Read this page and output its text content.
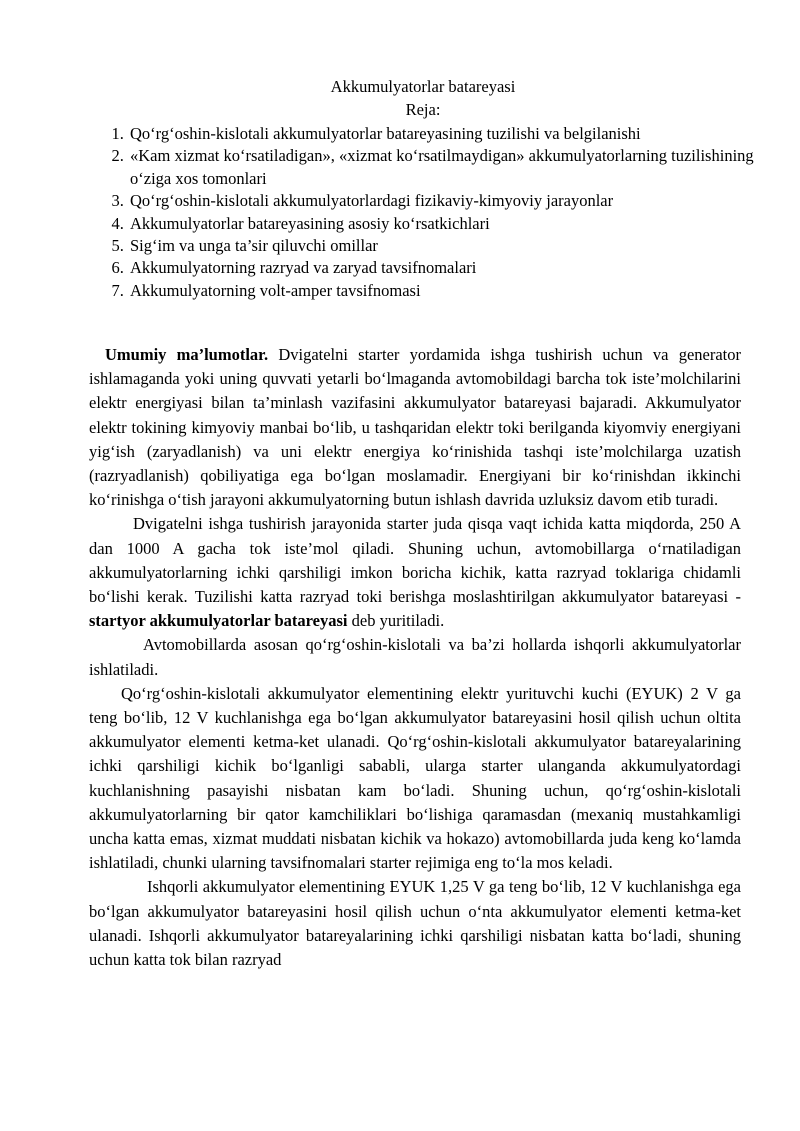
Akkumulyatorlar batareyasi

Reja:

1. Qo‘rg‘oshin-kislotali akkumulyatorlar batareyasining tuzilishi va belgilanishi
2. «Kam xizmat ko‘rsatiladigan», «xizmat ko‘rsatilmaydigan» akkumulyatorlarning tuzilishining o‘ziga xos tomonlari
3. Qo‘rg‘oshin-kislotali akkumulyatorlardagi fizikaviy-kimyoviy jarayonlar
4. Akkumulyatorlar batareyasining asosiy ko‘rsatkichlari
5. Sig‘im va unga ta’sir qiluvchi omillar
6. Akkumulyatorning razryad va zaryad tavsifnomalari
7. Akkumulyatorning volt-amper tavsifnomasi

Umumiy ma’lumotlar. Dvigatelni starter yordamida ishga tushirish uchun va generator ishlamaganda yoki uning quvvati yetarli bo‘lmaganda avtomobildagi barcha tok iste’molchilarini elektr energiyasi bilan ta’minlash vazifasini akkumulyator batareyasi bajaradi. Akkumulyator elektr tokining kimyoviy manbai bo‘lib, u tashqaridan elektr toki berilganda kiyomviy energiyani yig‘ish (zaryadlanish) va uni elektr energiya ko‘rinishida tashqi iste’molchilarga uzatish (razryadlanish) qobiliyatiga ega bo‘lgan moslamadir. Energiyani bir ko‘rinishdan ikkinchi ko‘rinishga o‘tish jarayoni akkumulyatorning butun ishlash davrida uzluksiz davom etib turadi.

Dvigatelni ishga tushirish jarayonida starter juda qisqa vaqt ichida katta miqdorda, 250 A dan 1000 A gacha tok iste’mol qiladi. Shuning uchun, avtomobillarga o‘rnatiladigan akkumulyatorlarning ichki qarshiligi imkon boricha kichik, katta razryad toklariga chidamli bo‘lishi kerak. Tuzilishi katta razryad toki berishga moslashtirilgan akkumulyator batareyasi - startyor akkumulyatorlar batareyasi deb yuritiladi.

Avtomobillarda asosan qo‘rg‘oshin-kislotali va ba’zi hollarda ishqorli akkumulyatorlar ishlatiladi.

Qo‘rg‘oshin-kislotali akkumulyator elementining elektr yurituvchi kuchi (EYUK) 2 V ga teng bo‘lib, 12 V kuchlanishga ega bo‘lgan akkumulyator batareyasini hosil qilish uchun oltita akkumulyator elementi ketma-ket ulanadi. Qo‘rg‘oshin-kislotali akkumulyator batareyalarining ichki qarshiligi kichik bo‘lganligi sababli, ularga starter ulanganda akkumulyatordagi kuchlanishning pasayishi nisbatan kam bo‘ladi. Shuning uchun, qo‘rg‘oshin-kislotali akkumulyatorlarning bir qator kamchiliklari bo‘lishiga qaramasdan (mexaniq mustahkamligi uncha katta emas, xizmat muddati nisbatan kichik va hokazo) avtomobillarda juda keng ko‘lamda ishlatiladi, chunki ularning tavsifnomalari starter rejimiga eng to‘la mos keladi.

Ishqorli akkumulyator elementining EYUK 1,25 V ga teng bo‘lib, 12 V kuchlanishga ega bo‘lgan akkumulyator batareyasini hosil qilish uchun o‘nta akkumulyator elementi ketma-ket ulanadi. Ishqorli akkumulyator batareyalarining ichki qarshiligi nisbatan katta bo‘ladi, shuning uchun katta tok bilan razryad
